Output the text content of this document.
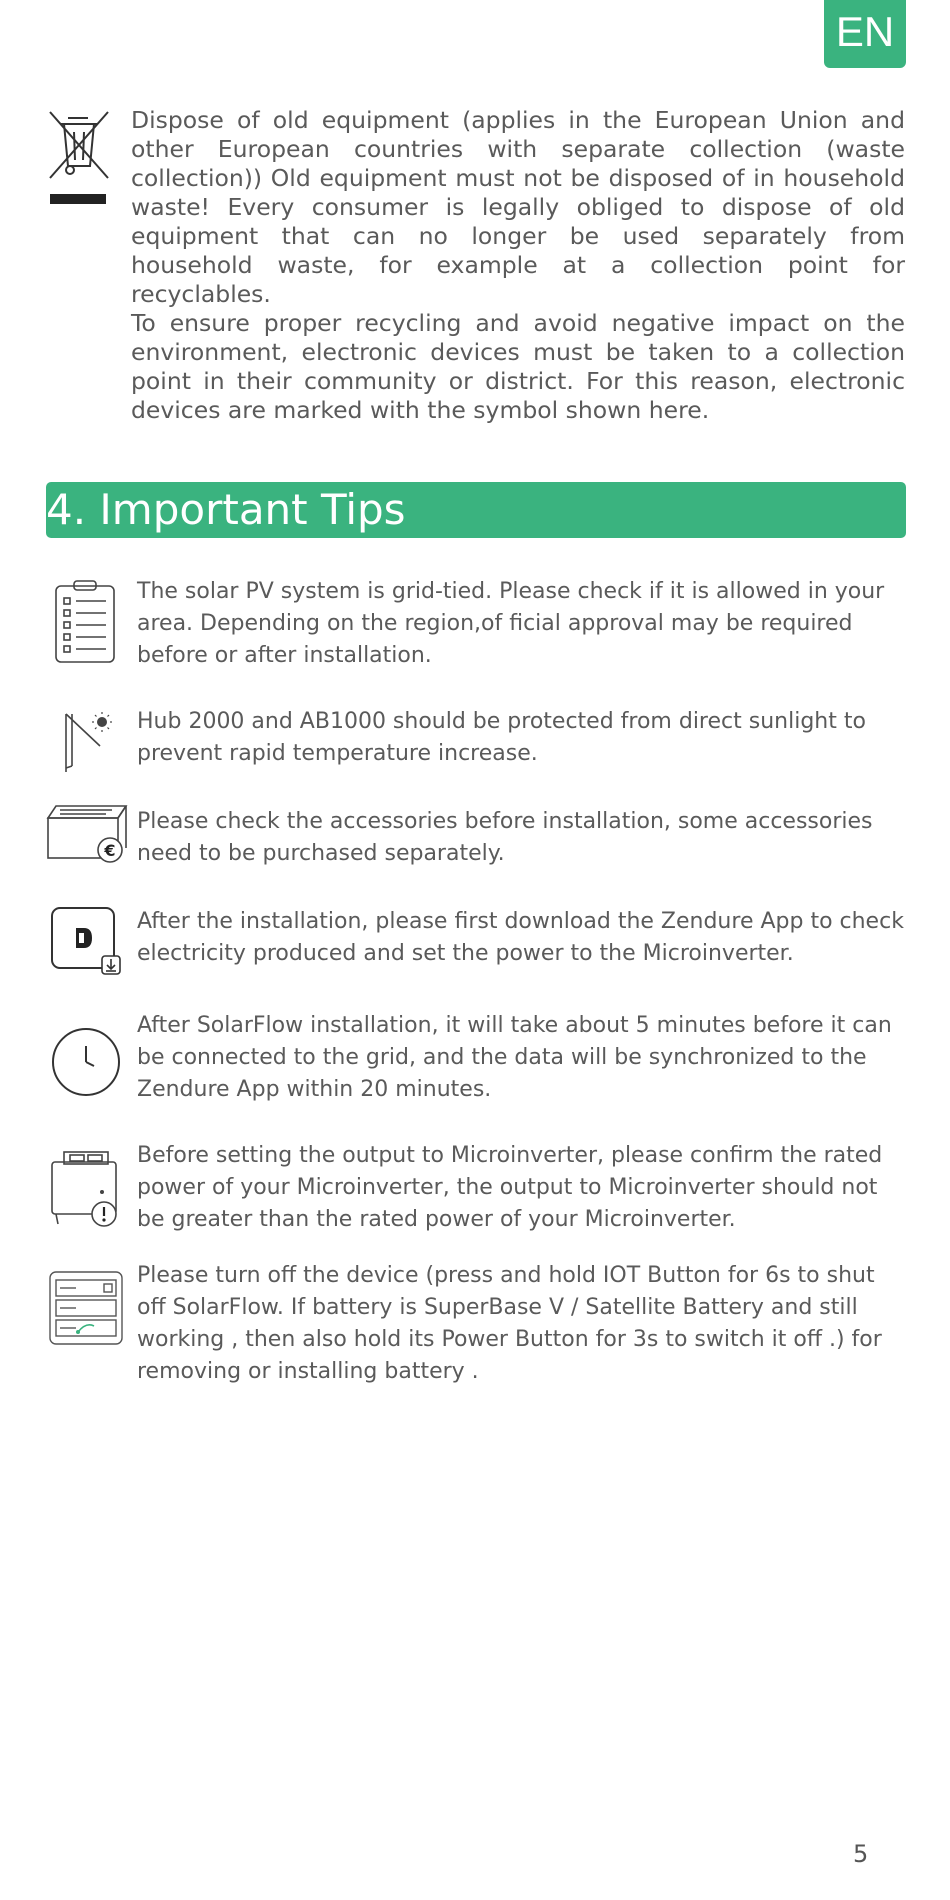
EN

Dispose of old equipment (applies in the European Union and other European countries with separate collection (waste collection)) Old equipment must not be disposed of in household waste! Every consumer is legally obliged to dispose of old equipment that can no longer be used separately from household waste, for example at a collection point for recyclables.

To ensure proper recycling and avoid negative impact on the environment, electronic devices must be taken to a collection point in their community or district. For this reason, electronic devices are marked with the symbol shown here.

4. Important Tips

The solar PV system is grid-tied. Please check if it is allowed in your area. Depending on the region,of ficial approval may be required before or after installation.

Hub 2000 and AB1000 should be protected from direct sunlight to prevent rapid temperature increase.

€

Please check the accessories before installation, some accessories need to be purchased separately.

After the installation, please first download the Zendure App to check electricity produced and set the power to the Microinverter.

After SolarFlow installation, it will take about 5 minutes before it can be connected to the grid, and the data will be synchronized to the Zendure App within 20 minutes.

Before setting the output to Microinverter, please confirm the rated power of your Microinverter, the output to Microinverter should not be greater than the rated power of your Microinverter.

Please turn off the device (press and hold IOT Button for 6s to shut off SolarFlow. If battery is SuperBase V / Satellite Battery and still working , then also hold its Power Button for 3s to switch it off .) for removing or installing battery .

5
